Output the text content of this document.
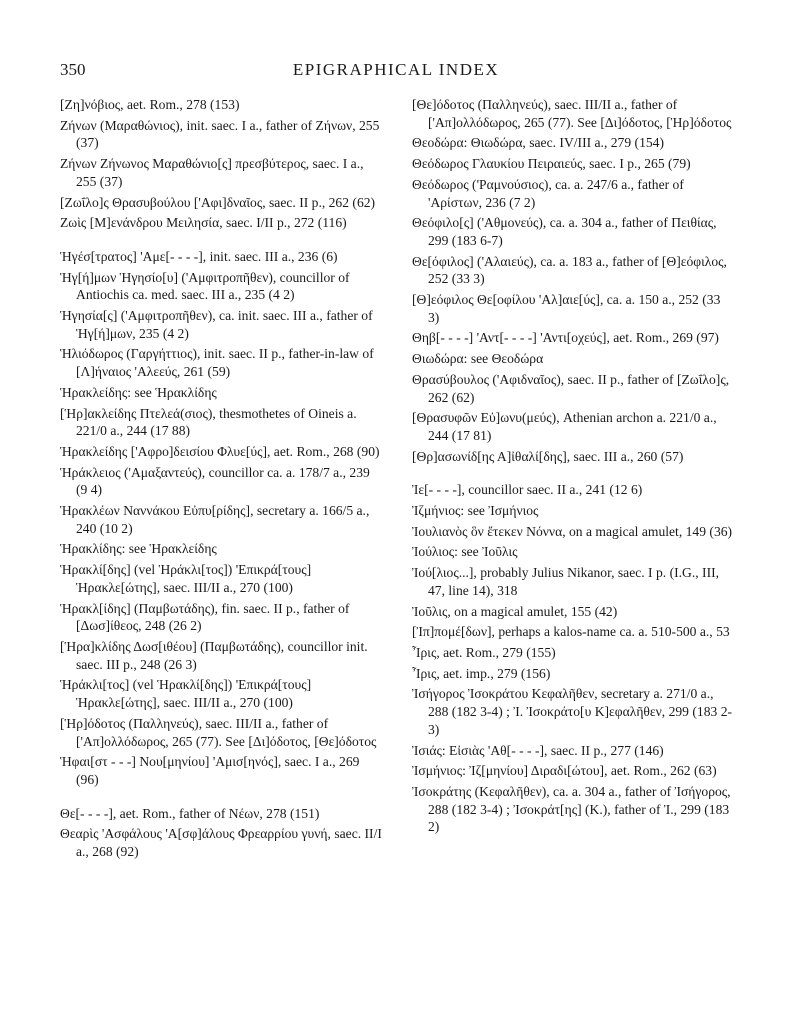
350	EPIGRAPHICAL INDEX
[Ζη]νόβιος, aet. Rom., 278 (153)
Ζήνων (Μαραθώνιος), init. saec. I a., father of Ζήνων, 255 (37)
Ζήνων Ζήνωνος Μαραθώνιο[ς] πρεσβύτερος, saec. I a., 255 (37)
[Ζωΐλο]ς Θρασυβούλου ['Αφι]δναῖος, saec. II p., 262 (62)
Ζωὶς [Μ]ενάνδρου Μειλησία, saec. I/II p., 272 (116)
Ἡγέσ[τρατος] 'Αμε[- - - -], init. saec. III a., 236 (6)
Ἡγ[ή]μων Ἡγησίο[υ] ('Αμφιτροπῆθεν), councillor of Antiochis ca. med. saec. III a., 235 (4 2)
Ἡγησία[ς] ('Αμφιτροπῆθεν), ca. init. saec. III a., father of Ἡγ[ή]μων, 235 (4 2)
Ἡλιόδωρος (Γαργήττιος), init. saec. II p., father-in-law of [Λ]ήναιος 'Αλεεύς, 261 (59)
Ἡρακλείδης: see Ἡρακλίδης
[Ἡρ]ακλείδης Πτελεά(σιος), thesmothetes of Oineis a. 221/0 a., 244 (17 88)
Ἡρακλείδης ['Αφρο]δεισίου Φλυε[ύς], aet. Rom., 268 (90)
Ἡράκλειος ('Αμαξαντεύς), councillor ca. a. 178/7 a., 239 (9 4)
Ἡρακλέων Ναννάκου Εὐπυ[ρίδης], secretary a. 166/5 a., 240 (10 2)
Ἡρακλίδης: see Ἡρακλείδης
Ἡρακλί[δης] (vel Ἡράκλι[τος]) 'Επικρά[τους] Ἡρακλε[ώτης], saec. III/II a., 270 (100)
Ἡρακλ[ίδης] (Παμβωτάδης), fin. saec. II p., father of [Δωσ]ίθεος, 248 (26 2)
[Ἡρα]κλίδης Δωσ[ιθέου] (Παμβωτάδης), councillor init. saec. III p., 248 (26 3)
Ἡράκλι[τος] (vel Ἡρακλί[δης]) 'Επικρά[τους] Ἡρακλε[ώτης], saec. III/II a., 270 (100)
[Ἡρ]όδοτος (Παλληνεύς), saec. III/II a., father of ['Απ]ολλόδωρος, 265 (77). See [Δι]όδοτος, [Θε]όδοτος
Ἡφαι[στ - - -] Νου[μηνίου] 'Αμισ[ηνός], saec. I a., 269 (96)
Θε[- - - -], aet. Rom., father of Νέων, 278 (151)
Θεαρὶς 'Ασφάλους 'Α[σφ]άλους Φρεαρρίου γυνή, saec. II/I a., 268 (92)
[Θε]όδοτος (Παλληνεύς), saec. III/II a., father of ['Απ]ολλόδωρος, 265 (77). See [Δι]όδοτος, [Ἡρ]όδοτος
Θεοδώρα: Θιωδώρα, saec. IV/III a., 279 (154)
Θεόδωρος Γλαυκίου Πειραιεύς, saec. I p., 265 (79)
Θεόδωρος ('Ραμνούσιος), ca. a. 247/6 a., father of 'Αρίστων, 236 (7 2)
Θεόφιλο[ς] ('Αθμονεύς), ca. a. 304 a., father of Πειθίας, 299 (183 6-7)
Θε[όφιλος] ('Αλαιεύς), ca. a. 183 a., father of [Θ]εόφιλος, 252 (33 3)
[Θ]εόφιλος Θε[οφίλου 'Αλ]αιε[ύς], ca. a. 150 a., 252 (33 3)
Θηβ[- - - -] 'Αντ[- - - -] 'Αντι[οχεύς], aet. Rom., 269 (97)
Θιωδώρα: see Θεοδώρα
Θρασύβουλος ('Αφιδναῖος), saec. II p., father of [Ζωΐλο]ς, 262 (62)
[Θρασυφῶν Εὐ]ωνυ(μεύς), Athenian archon a. 221/0 a., 244 (17 81)
[Θρ]ασωνίδ[ης Α]ἰθαλί[δης], saec. III a., 260 (57)
Ἰε[- - - -], councillor saec. II a., 241 (12 6)
Ἰζμήνιος: see Ἰσμήνιος
Ἰουλιανὸς ὃν ἔτεκεν Νόννα, on a magical amulet, 149 (36)
Ἰούλιος: see Ἰοῦλις
Ἰού[λιος...], probably Julius Nikanor, saec. I p. (I.G., III, 47, line 14), 318
Ἰοῦλις, on a magical amulet, 155 (42)
[Ἰπ]πομέ[δων], perhaps a kalos-name ca. a. 510-500 a., 53
Ἶρις, aet. Rom., 279 (155)
Ἶρις, aet. imp., 279 (156)
Ἰσήγορος Ἰσοκράτου Κεφαλῆθεν, secretary a. 271/0 a., 288 (182 3-4) ; Ἰ. Ἰσοκράτο[υ Κ]εφαλῆθεν, 299 (183 2-3)
Ἰσιάς: Εἰσιὰς 'Αθ[- - - -], saec. II p., 277 (146)
Ἰσμήνιος: Ἰζ[μηνίου] Διραδι[ώτου], aet. Rom., 262 (63)
Ἰσοκράτης (Κεφαλῆθεν), ca. a. 304 a., father of Ἰσήγορος, 288 (182 3-4) ; Ἰσοκράτ[ης] (Κ.), father of Ἰ., 299 (183 2)
